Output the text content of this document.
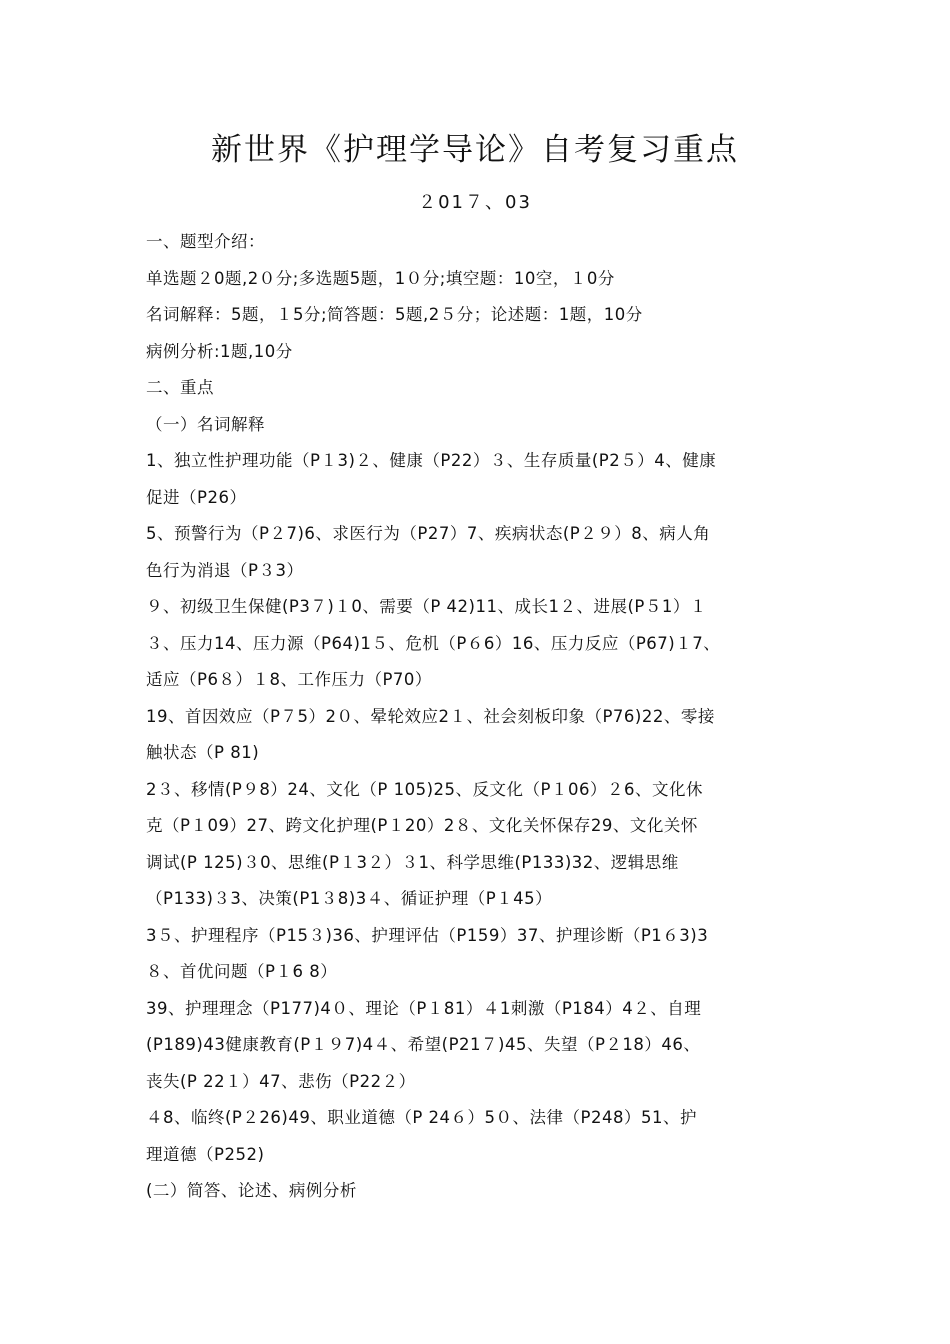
新世界《护理学导论》自考复习重点
２01７、03
一、题型介绍：
单选题２0题,2０分;多选题5题，1０分;填空题：10空，１0分
名词解释：5题，１5分;简答题：5题,2５分；论述题：1题，10分
病例分析:1题,10分
二、重点
（一）名词解释
1、独立性护理功能（P１3)２、健康（P22）３、生存质量(P2５）4、健康
促进（P26）
5、预警行为（P２7)6、求医行为（P27）7、疾病状态(P２９）8、病人角
色行为消退（P３3）
９、初级卫生保健(P3７)１0、需要（P 42)11、成长1２、进展(P５1）１
３、压力14、压力源（P64)1５、危机（P６6）16、压力反应（P67)１7、
适应（P6８）１8、工作压力（P70）
19、首因效应（P７5）2０、晕轮效应2１、社会刻板印象（P76)22、零接
触状态（P 81)
2３、移情(P９8）24、文化（P 105)25、反文化（P１06）２6、文化休
克（P１09）27、跨文化护理(P１20）2８、文化关怀保存29、文化关怀
调试(P 125)３0、思维(P１3２）３1、科学思维(P133)32、逻辑思维
（P133)３3、决策(P1３8)3４、循证护理（P１45）
3５、护理程序（P15３)36、护理评估（P159）37、护理诊断（P1６3)3
８、首优问题（P１6 8）
39、护理理念（P177)4０、理论（P１81）４1刺激（P184）4２、自理
(P189)43健康教育(P１９7)4４、希望(P21７)45、失望（P２18）46、
丧失(P 22１）47、悲伤（P22２）
４8、临终(P２26)49、职业道德（P 24６）5０、法律（P248）51、护
理道德（P252)
(二）简答、论述、病例分析
